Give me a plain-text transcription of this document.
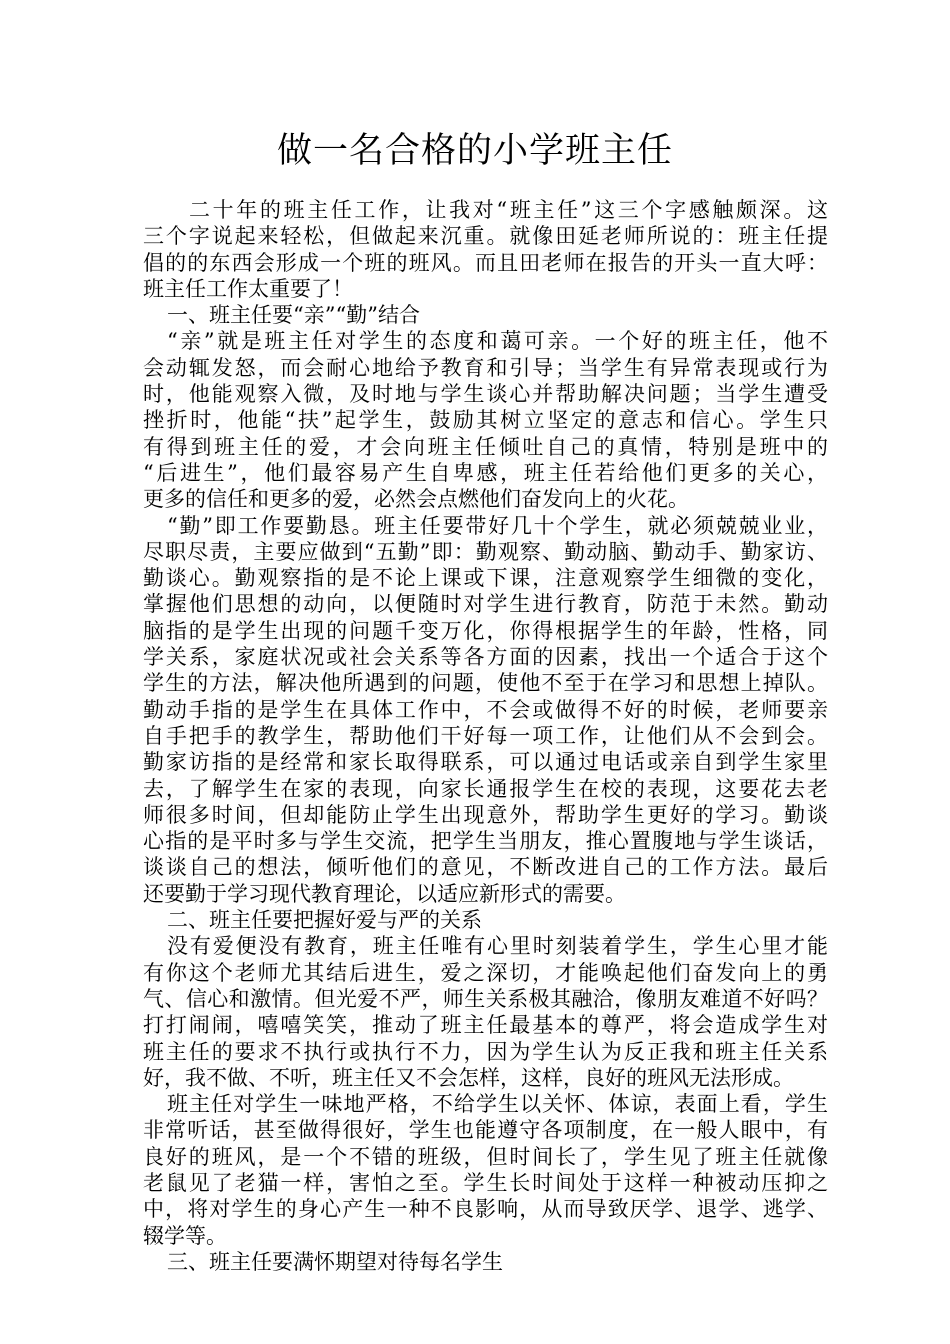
做一名合格的小学班主任
二十年的班主任工作，让我对“班主任”这三个字感触颇深。这
三个字说起来轻松，但做起来沉重。就像田延老师所说的：班主任提
倡的的东西会形成一个班的班风。而且田老师在报告的开头一直大呼：
班主任工作太重要了！
一、班主任要“亲”“勤”结合
“亲”就是班主任对学生的态度和蔼可亲。一个好的班主任，他不
会动辄发怒，而会耐心地给予教育和引导；当学生有异常表现或行为
时，他能观察入微，及时地与学生谈心并帮助解决问题；当学生遭受
挫折时，他能“扶”起学生，鼓励其树立坚定的意志和信心。学生只
有得到班主任的爱，才会向班主任倾吐自己的真情，特别是班中的
“后进生”，他们最容易产生自卑感，班主任若给他们更多的关心，
更多的信任和更多的爱，必然会点燃他们奋发向上的火花。
“勤”即工作要勤恳。班主任要带好几十个学生，就必须兢兢业业，
尽职尽责，主要应做到“五勤”即：勤观察、勤动脑、勤动手、勤家访、
勤谈心。勤观察指的是不论上课或下课，注意观察学生细微的变化，
掌握他们思想的动向，以便随时对学生进行教育，防范于未然。勤动
脑指的是学生出现的问题千变万化，你得根据学生的年龄，性格，同
学关系，家庭状况或社会关系等各方面的因素，找出一个适合于这个
学生的方法，解决他所遇到的问题，使他不至于在学习和思想上掉队。
勤动手指的是学生在具体工作中，不会或做得不好的时候，老师要亲
自手把手的教学生，帮助他们干好每一项工作，让他们从不会到会。
勤家访指的是经常和家长取得联系，可以通过电话或亲自到学生家里
去，了解学生在家的表现，向家长通报学生在校的表现，这要花去老
师很多时间，但却能防止学生出现意外，帮助学生更好的学习。勤谈
心指的是平时多与学生交流，把学生当朋友，推心置腹地与学生谈话，
谈谈自己的想法，倾听他们的意见，不断改进自己的工作方法。最后
还要勤于学习现代教育理论，以适应新形式的需要。
二、班主任要把握好爱与严的关系
没有爱便没有教育，班主任唯有心里时刻装着学生，学生心里才能
有你这个老师尤其结后进生，爱之深切，才能唤起他们奋发向上的勇
气、信心和激情。但光爱不严，师生关系极其融洽，像朋友难道不好吗？
打打闹闹，嘻嘻笑笑，推动了班主任最基本的尊严，将会造成学生对
班主任的要求不执行或执行不力，因为学生认为反正我和班主任关系
好，我不做、不听，班主任又不会怎样，这样，良好的班风无法形成。
班主任对学生一味地严格，不给学生以关怀、体谅，表面上看，学生
非常听话，甚至做得很好，学生也能遵守各项制度，在一般人眼中，有
良好的班风，是一个不错的班级，但时间长了，学生见了班主任就像
老鼠见了老猫一样，害怕之至。学生长时间处于这样一种被动压抑之
中，将对学生的身心产生一种不良影响，从而导致厌学、退学、逃学、
辍学等。
三、班主任要满怀期望对待每名学生
